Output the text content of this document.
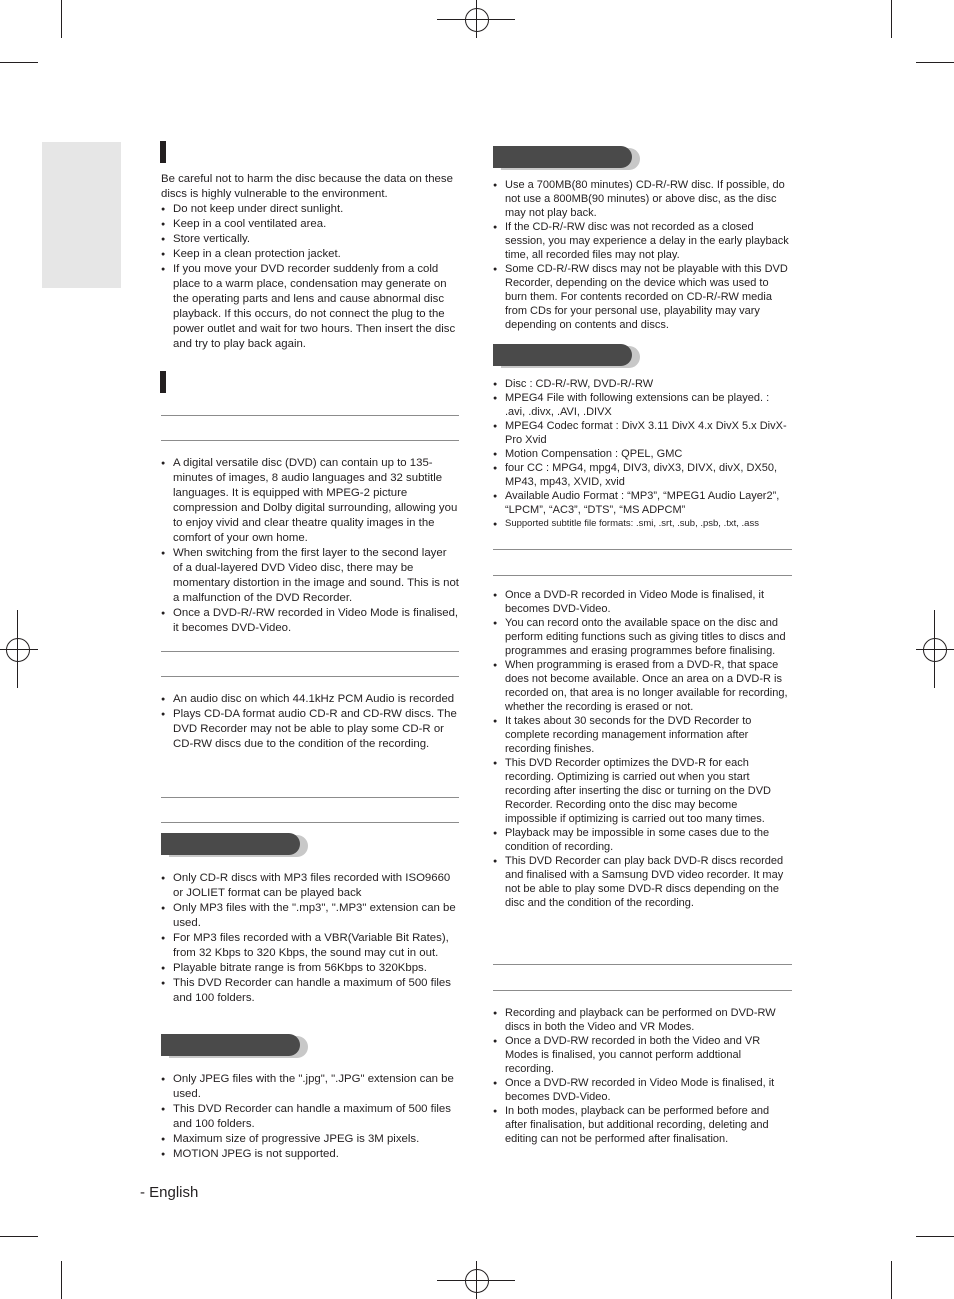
Be careful not to harm the disc because the data on these discs is highly vulnerable to the environment.

● Do not keep under direct sunlight.
● Keep in a cool ventilated area.
● Store vertically.
● Keep in a clean protection jacket.
● If you move your DVD recorder suddenly from a cold place to a warm place, condensation may generate on the operating parts and lens and cause abnormal disc playback. If this occurs, do not connect the plug to the power outlet and wait for two hours. Then insert the disc and try to play back again.
● A digital versatile disc (DVD) can contain up to 135-minutes of images, 8 audio languages and 32 subtitle languages. It is equipped with MPEG-2 picture compression and Dolby digital surrounding, allowing you to enjoy vivid and clear theatre quality images in the comfort of your own home.
● When switching from the first layer to the second layer of a dual-layered DVD Video disc, there may be momentary distortion in the image and sound. This is not a malfunction of the DVD Recorder.
● Once a DVD-R/-RW recorded in Video Mode is finalised, it becomes DVD-Video.
● An audio disc on which 44.1kHz PCM Audio is recorded
● Plays CD-DA format audio CD-R and CD-RW discs. The DVD Recorder may not be able to play some CD-R or CD-RW discs due to the condition of the recording.
● Only CD-R discs with MP3 files recorded with ISO9660 or JOLIET format can be played back
● Only MP3 files with the ".mp3", ".MP3" extension can be used.
● For MP3 files recorded with a VBR(Variable Bit Rates), from 32 Kbps to 320 Kbps, the sound may cut in out.
● Playable bitrate range is from 56Kbps to 320Kbps.
● This DVD Recorder can handle a maximum of 500 files and 100 folders.
● Only JPEG files with the ".jpg", ".JPG" extension can be used.
● This DVD Recorder can handle a maximum of 500 files and 100 folders.
● Maximum size of progressive JPEG is 3M pixels.
● MOTION JPEG is not supported.
● Use a 700MB(80 minutes) CD-R/-RW disc. If possible, do not use a 800MB(90 minutes) or above disc, as the disc may not play back.
● If the CD-R/-RW disc was not recorded as a closed session, you may experience a delay in the early playback time, all recorded files may not play.
● Some CD-R/-RW discs may not be playable with this DVD Recorder, depending on the device which was used to burn them. For contents recorded on CD-R/-RW media from CDs for your personal use, playability may vary depending on contents and discs.
● Disc : CD-R/-RW, DVD-R/-RW
● MPEG4 File with following extensions can be played. : .avi, .divx, .AVI, .DIVX
● MPEG4 Codec format : DivX 3.11 DivX 4.x DivX 5.x DivX-Pro Xvid
● Motion Compensation : QPEL, GMC
● four CC : MPG4, mpg4, DIV3, divX3, DIVX, divX, DX50, MP43, mp43, XVID, xvid
● Available Audio Format : “MP3”, “MPEG1 Audio Layer2”, “LPCM”, “AC3”, “DTS”, “MS ADPCM”
● Supported subtitle file formats: .smi, .srt, .sub, .psb, .txt, .ass
● Once a DVD-R recorded in Video Mode is finalised, it becomes DVD-Video.
● You can record onto the available space on the disc and perform editing functions such as giving titles to discs and programmes and erasing programmes before finalising.
● When programming is erased from a DVD-R, that space does not become available. Once an area on a DVD-R is recorded on, that area is no longer available for recording, whether the recording is erased or not.
● It takes about 30 seconds for the DVD Recorder to complete recording management information after recording finishes.
● This DVD Recorder optimizes the DVD-R for each recording. Optimizing is carried out when you start recording after inserting the disc or turning on the DVD Recorder. Recording onto the disc may become impossible if optimizing is carried out too many times.
● Playback may be impossible in some cases due to the condition of recording.
● This DVD Recorder can play back DVD-R discs recorded and finalised with a Samsung DVD video recorder. It may not be able to play some DVD-R discs depending on the disc and the condition of the recording.
● Recording and playback can be performed on DVD-RW discs in both the Video and VR Modes.
● Once a DVD-RW recorded in both the Video and VR Modes is finalised, you cannot perform addtional recording.
● Once a DVD-RW recorded in Video Mode is finalised, it becomes DVD-Video.
● In both modes, playback can be performed before and after finalisation, but additional recording, deleting and editing can not be performed after finalisation.
- English
